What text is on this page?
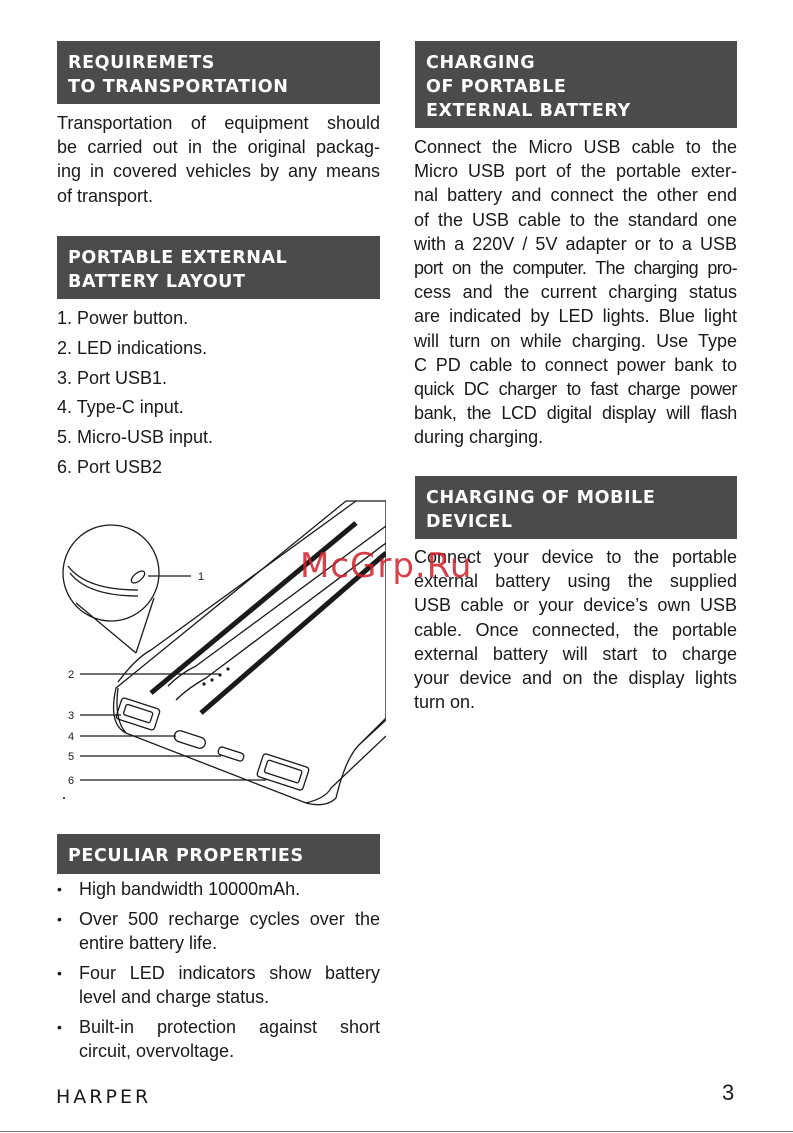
REQUIREMETS
TO TRANSPORTATION

Transportation of equipment should
be carried out in the original packag-
ing in covered vehicles by any means
of transport.

PORTABLE EXTERNAL
BATTERY LAYOUT
1. Power button.
2. LED indications.
3. Port USB1.
4. Type-C input.
5. Micro-USB input.
6. Port USB2
1
2
3
4
5
6
PECULIAR PROPERTIES
• High bandwidth 10000mAh.
• Over 500 recharge cycles over the
entire battery life.
• Four LED indicators show battery
level and charge status.
• Built-in protection against short
circuit, overvoltage.
CHARGING
OF PORTABLE
EXTERNAL BATTERY

Connect the Micro USB cable to the
Micro USB port of the portable exter-
nal battery and connect the other end
of the USB cable to the standard one
with a 220V / 5V adapter or to a USB
port on the computer. The charging pro-
cess and the current charging status
are indicated by LED lights. Blue light
will turn on while charging. Use Type
C PD cable to connect power bank to
quick DC charger to fast charge power
bank, the LCD digital display will flash
during charging.

CHARGING OF MOBILE
DEVICEL

Connect your device to the portable
external battery using the supplied
USB cable or your device’s own USB
cable. Once connected, the portable
external battery will start to charge
your device and on the display lights
turn on.

McGrp.Ru
HARPER	3
